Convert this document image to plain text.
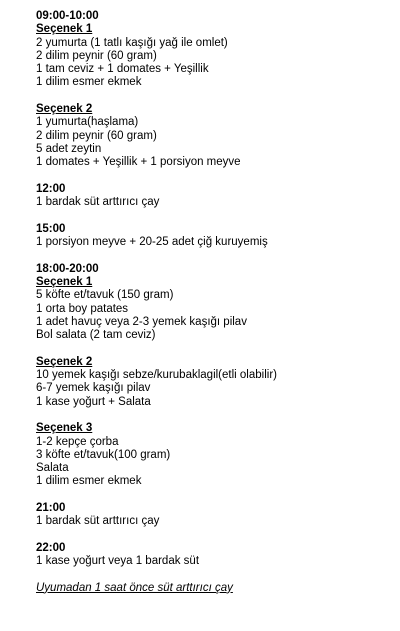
09:00-10:00
Seçenek 1
2 yumurta (1 tatlı kaşığı yağ ile omlet)
2 dilim peynir (60 gram)
1 tam ceviz + 1 domates + Yeşillik
1 dilim esmer ekmek
Seçenek 2
1 yumurta(haşlama)
2 dilim peynir (60 gram)
5 adet zeytin
1 domates + Yeşillik + 1 porsiyon meyve
12:00
1 bardak süt arttırıcı çay
15:00
1 porsiyon meyve + 20-25 adet çiğ kuruyemiş
18:00-20:00
Seçenek 1
5 köfte et/tavuk (150 gram)
1 orta boy patates
1 adet havuç veya 2-3 yemek kaşığı pilav
Bol salata (2 tam ceviz)
Seçenek 2
10 yemek kaşığı sebze/kurubaklagil(etli olabilir)
6-7 yemek kaşığı pilav
1 kase yoğurt + Salata
Seçenek 3
1-2 kepçe çorba
3 köfte et/tavuk(100 gram)
Salata
1 dilim esmer ekmek
21:00
1 bardak süt arttırıcı çay
22:00
1 kase yoğurt veya 1 bardak süt
Uyumadan 1 saat önce süt arttırıcı çay
